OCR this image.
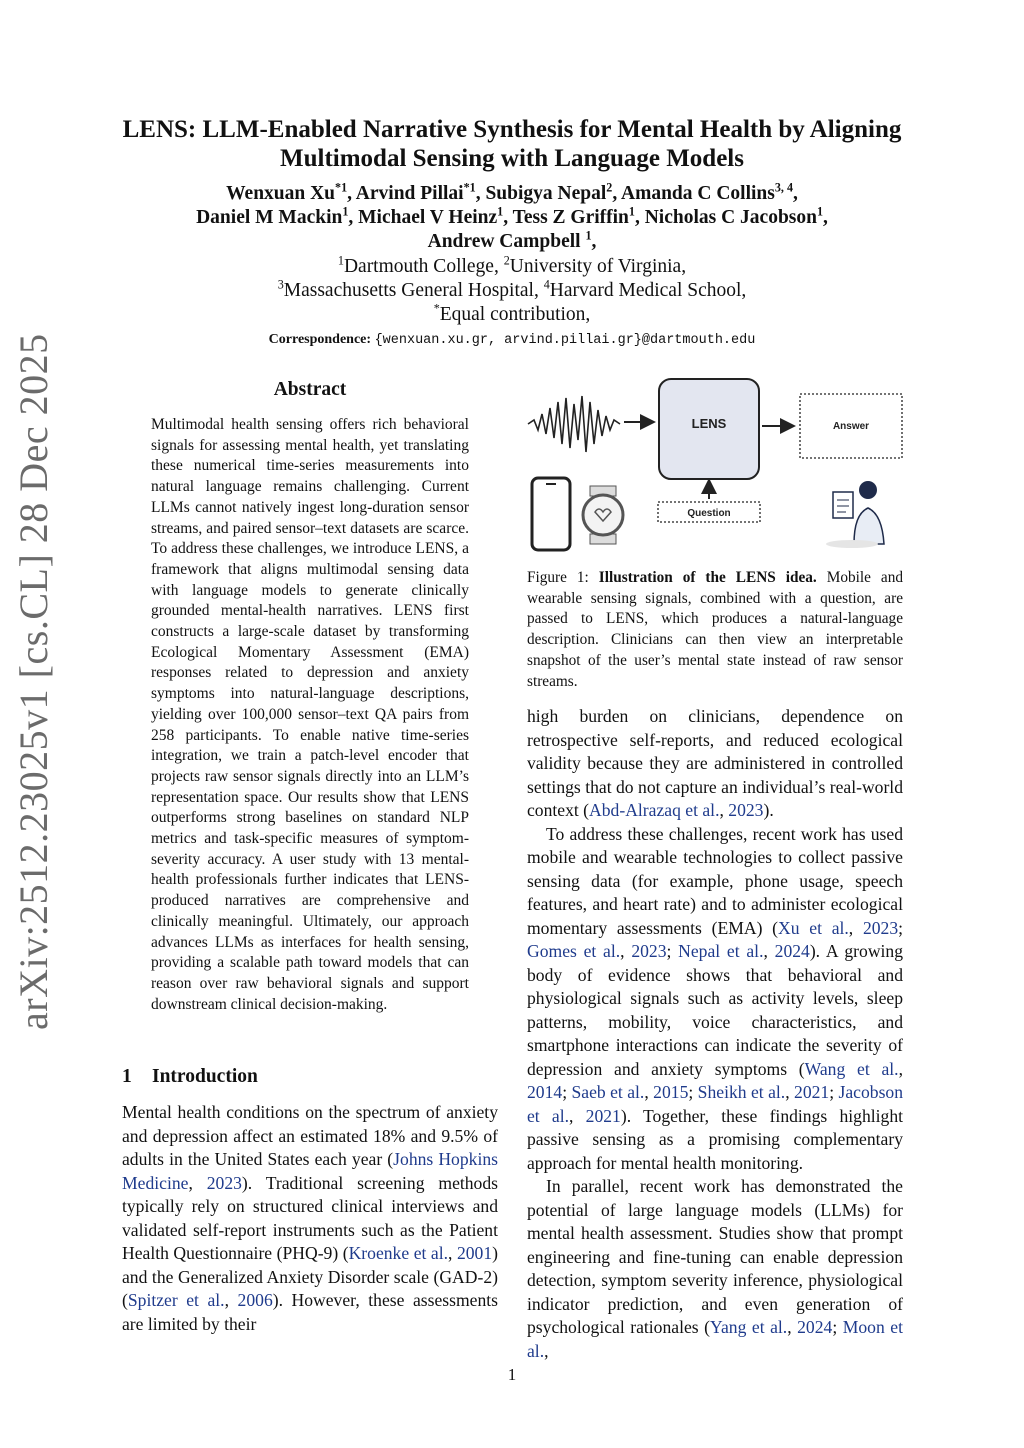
arXiv:2512.23025v1 [cs.CL] 28 Dec 2025
LENS: LLM-Enabled Narrative Synthesis for Mental Health by Aligning
Multimodal Sensing with Language Models
Wenxuan Xu$^{*1}$, Arvind Pillai$^{*1}$, Subigya Nepal$^2$, Amanda C Collins$^{3, 4}$,
Daniel M Mackin$^1$, Michael V Heinz$^1$, Tess Z Griffin$^1$, Nicholas C Jacobson$^1$,
Andrew Campbell $^1$,
$^1$Dartmouth College, $^2$University of Virginia,
$^3$Massachusetts General Hospital, $^4$Harvard Medical School,
*Equal contribution,
Correspondence: {wenxuan.xu.gr, arvind.pillai.gr}@dartmouth.edu
Abstract
Multimodal health sensing offers rich behavioral signals for assessing mental health, yet translating these numerical time-series measurements into natural language remains challenging. Current LLMs cannot natively ingest long-duration sensor streams, and paired sensor–text datasets are scarce. To address these challenges, we introduce LENS, a framework that aligns multimodal sensing data with language models to generate clinically grounded mental-health narratives. LENS first constructs a large-scale dataset by transforming Ecological Momentary Assessment (EMA) responses related to depression and anxiety symptoms into natural-language descriptions, yielding over 100,000 sensor–text QA pairs from 258 participants. To enable native time-series integration, we train a patch-level encoder that projects raw sensor signals directly into an LLM’s representation space. Our results show that LENS outperforms strong baselines on standard NLP metrics and task-specific measures of symptom-severity accuracy. A user study with 13 mental-health professionals further indicates that LENS-produced narratives are comprehensive and clinically meaningful. Ultimately, our approach advances LLMs as interfaces for health sensing, providing a scalable path toward models that can reason over raw behavioral signals and support downstream clinical decision-making.
1 Introduction

Mental health conditions on the spectrum of anxiety and depression affect an estimated 18% and 9.5% of adults in the United States each year (Johns Hopkins Medicine, 2023). Traditional screening methods typically rely on structured clinical interviews and validated self-report instruments such as the Patient Health Questionnaire (PHQ-9) (Kroenke et al., 2001) and the Generalized Anxiety Disorder scale (GAD-2) (Spitzer et al., 2006). However, these assessments are limited by their

LENS	Answer
Question
Figure 1: Illustration of the LENS idea. Mobile and wearable sensing signals, combined with a question, are passed to LENS, which produces a natural-language description. Clinicians can then view an interpretable snapshot of the user’s mental state instead of raw sensor streams.

high burden on clinicians, dependence on retrospective self-reports, and reduced ecological validity because they are administered in controlled settings that do not capture an individual’s real-world context (Abd-Alrazaq et al., 2023).

To address these challenges, recent work has used mobile and wearable technologies to collect passive sensing data (for example, phone usage, speech features, and heart rate) and to administer ecological momentary assessments (EMA) (Xu et al., 2023; Gomes et al., 2023; Nepal et al., 2024). A growing body of evidence shows that behavioral and physiological signals such as activity levels, sleep patterns, mobility, voice characteristics, and smartphone interactions can indicate the severity of depression and anxiety symptoms (Wang et al., 2014; Saeb et al., 2015; Sheikh et al., 2021; Jacobson et al., 2021). Together, these findings highlight passive sensing as a promising complementary approach for mental health monitoring.

In parallel, recent work has demonstrated the potential of large language models (LLMs) for mental health assessment. Studies show that prompt engineering and fine-tuning can enable depression detection, symptom severity inference, physiological indicator prediction, and even generation of psychological rationales (Yang et al., 2024; Moon et al.,

1
